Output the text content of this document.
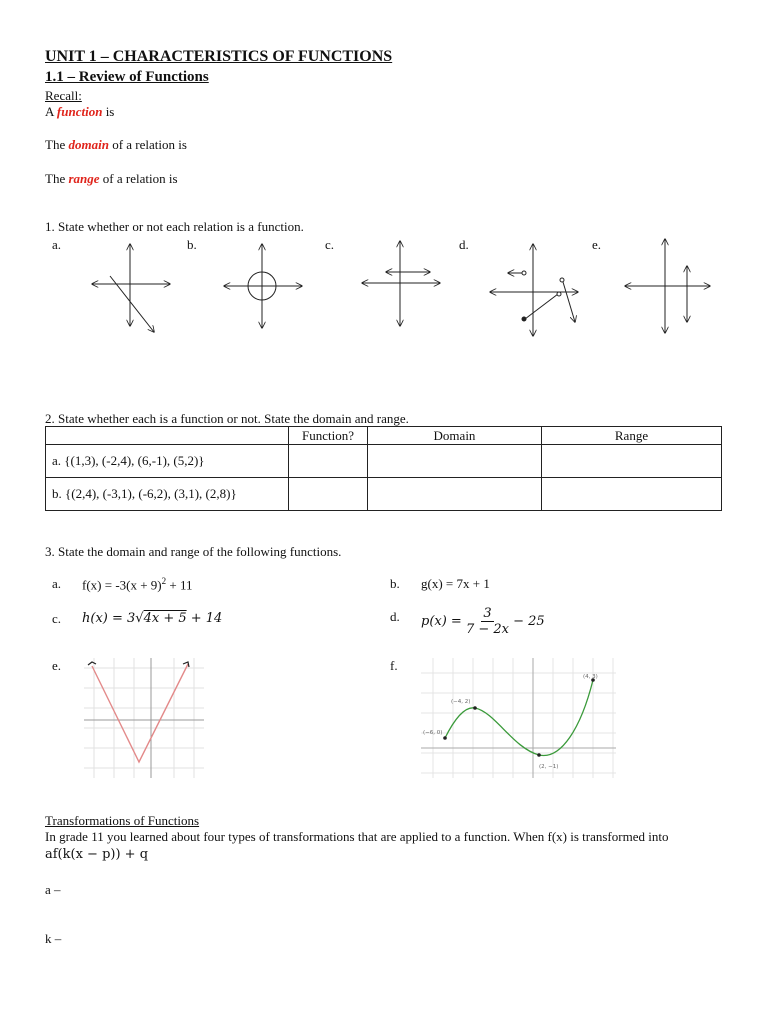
UNIT 1 – CHARACTERISTICS OF FUNCTIONS
1.1 – Review of Functions
Recall:
A function is
The domain of a relation is
The range of a relation is
1. State whether or not each relation is a function.
a.	b.	c.	d.	e.
2. State whether each is a function or not. State the domain and range.
	Function?	Domain	Range
a. {(1,3), (-2,4), (6,-1), (5,2)}			
b. {(2,4), (-3,1), (-6,2), (3,1), (2,8)}			
3. State the domain and range of the following functions.
a. $f(x) = -3(x + 9)^2 + 11$	b. g(x) = 7x + 1
c. h(x) = 3√4x + 5 + 14	d. $p(x) = \frac{3}{7 - 2x} - 25$
e.	f.
(−6, 0)
(−4, 2)
(2, −1)
(4, 3)
Transformations of Functions
In grade 11 you learned about four types of transformations that are applied to a function. When f(x) is transformed into
af(k(x − p)) + q
a –
k –
